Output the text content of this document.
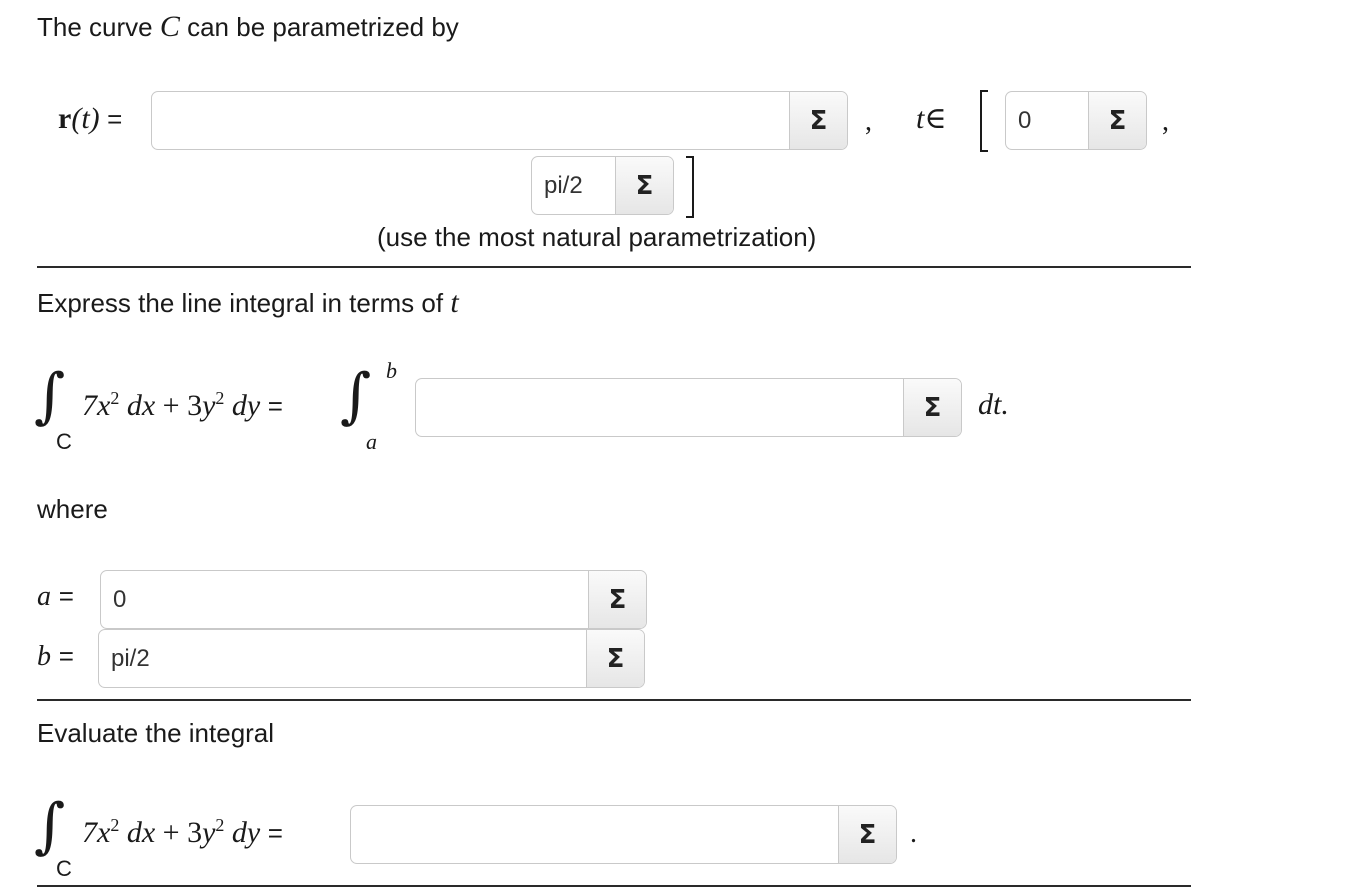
The curve C can be parametrized by
r(t) =	Σ	, t∈	0	Σ	,
pi/2	Σ
(use the most natural parametrization)
Express the line integral in terms of t
∫
C
$7x^2$ dx + $3y^2$ dy = ∫ b
a
Σ	dt.
where
a =	0	Σ
b =	pi/2	Σ
Evaluate the integral
∫
C
$7x^2$ dx + $3y^2$ dy =	Σ	.
